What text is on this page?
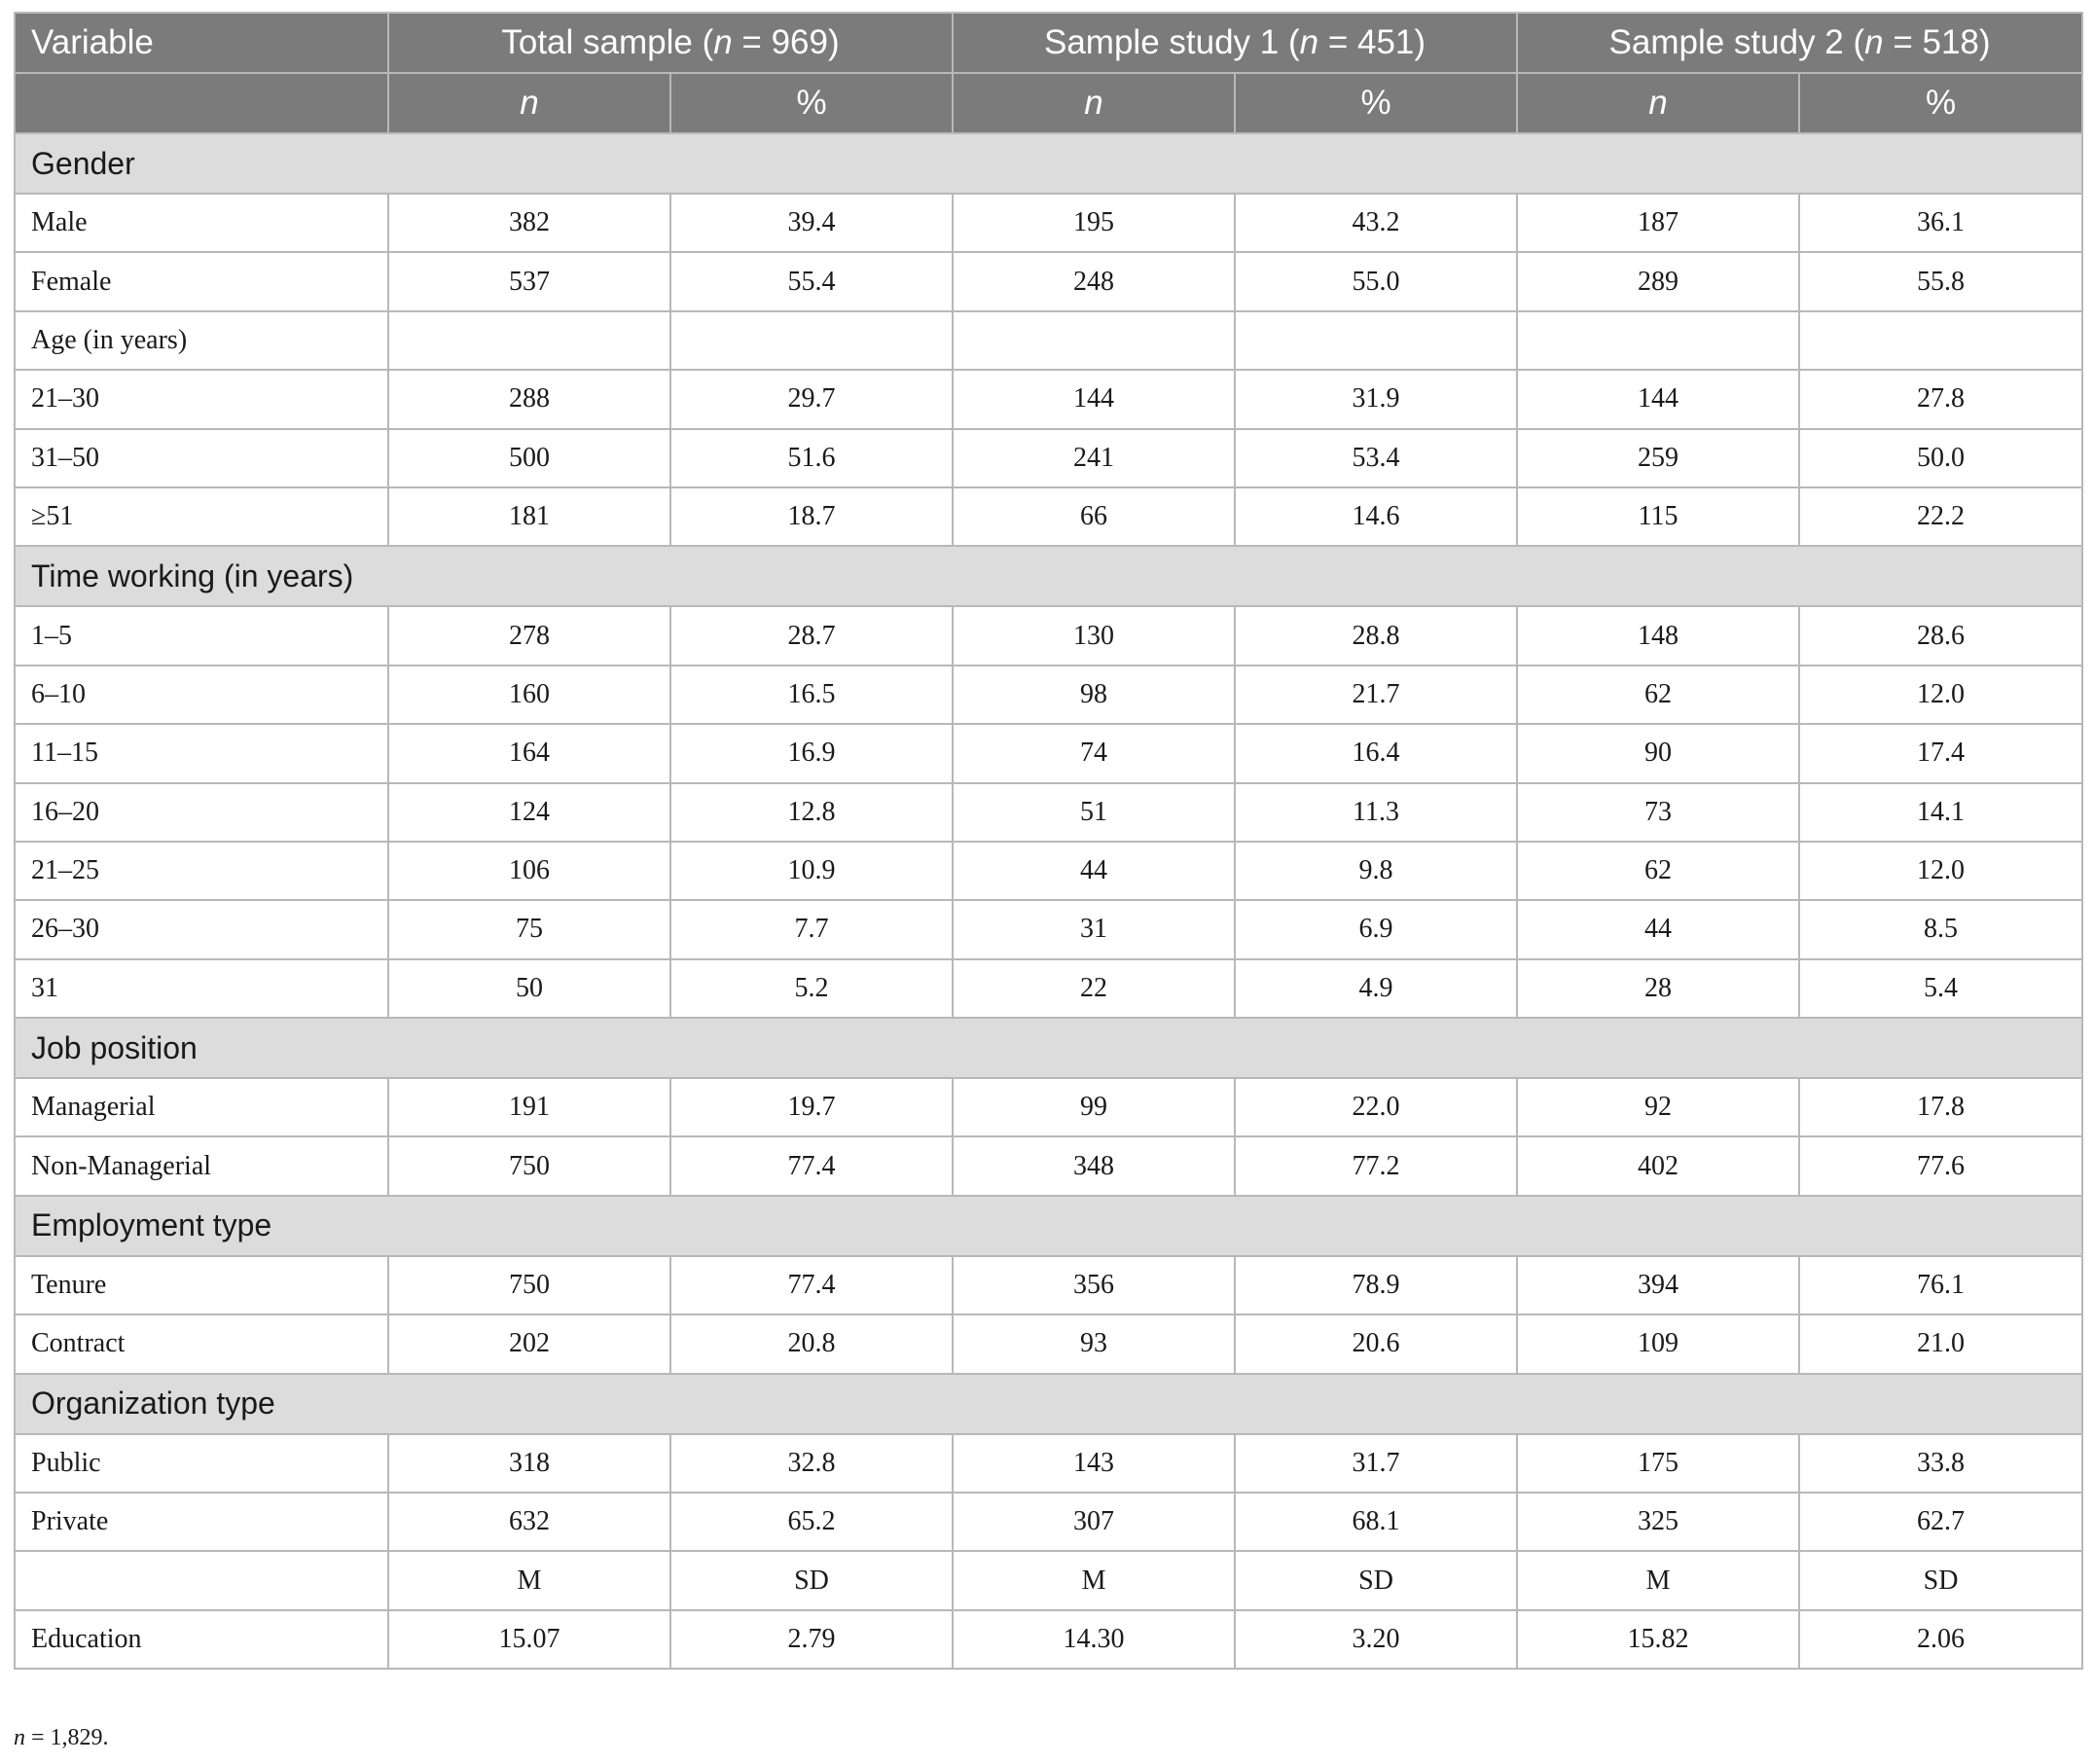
Variable	Total sample (n = 969)		Sample study 1 (n = 451)		Sample study 2 (n = 518)	
	n	%	n	%	n	%
Gender						
Male	382	39.4	195	43.2	187	36.1
Female	537	55.4	248	55.0	289	55.8
Age (in years)						
21–30	288	29.7	144	31.9	144	27.8
31–50	500	51.6	241	53.4	259	50.0
≥51	181	18.7	66	14.6	115	22.2
Time working (in years)						
1–5	278	28.7	130	28.8	148	28.6
6–10	160	16.5	98	21.7	62	12.0
11–15	164	16.9	74	16.4	90	17.4
16–20	124	12.8	51	11.3	73	14.1
21–25	106	10.9	44	9.8	62	12.0
26–30	75	7.7	31	6.9	44	8.5
31	50	5.2	22	4.9	28	5.4
Job position						
Managerial	191	19.7	99	22.0	92	17.8
Non-Managerial	750	77.4	348	77.2	402	77.6
Employment type						
Tenure	750	77.4	356	78.9	394	76.1
Contract	202	20.8	93	20.6	109	21.0
Organization type						
Public	318	32.8	143	31.7	175	33.8
Private	632	65.2	307	68.1	325	62.7
	M	SD	M	SD	M	SD
Education	15.07	2.79	14.30	3.20	15.82	2.06
n = 1,829.
